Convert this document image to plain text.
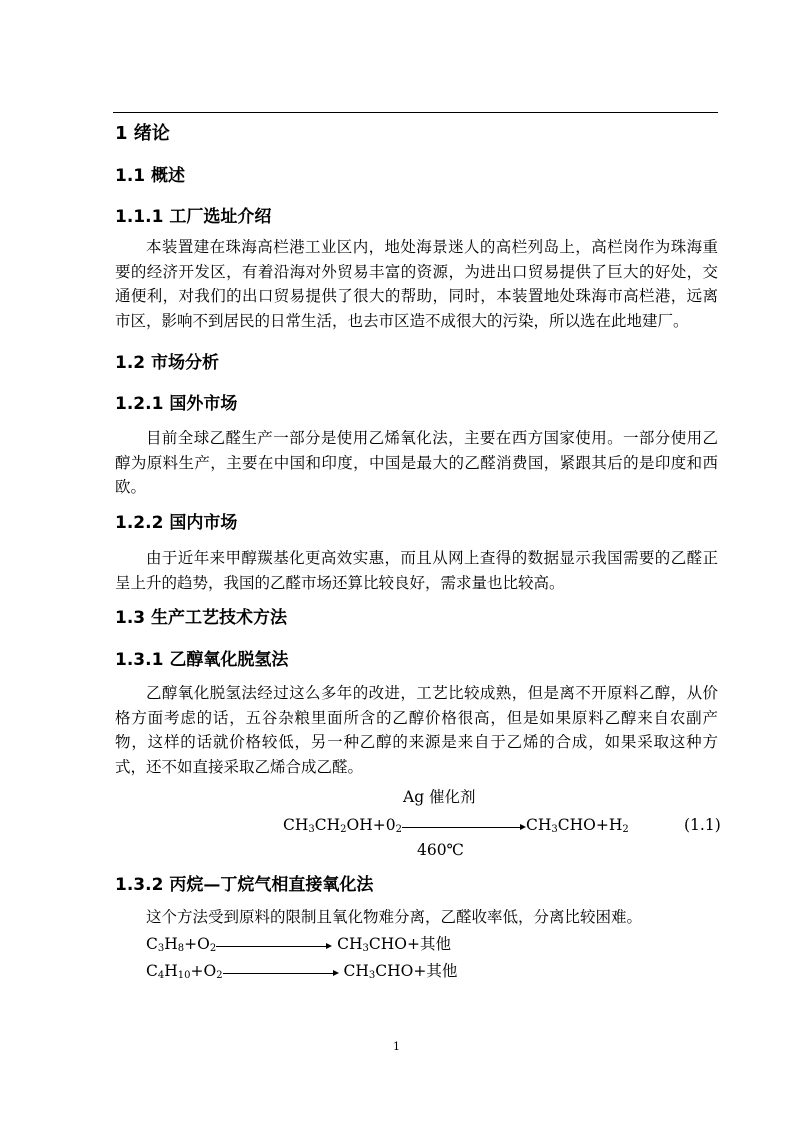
1 绪论
1.1 概述
1.1.1 工厂选址介绍
本装置建在珠海高栏港工业区内，地处海景迷人的高栏列岛上，高栏岗作为珠海重要的经济开发区，有着沿海对外贸易丰富的资源，为进出口贸易提供了巨大的好处，交通便利，对我们的出口贸易提供了很大的帮助，同时，本装置地处珠海市高栏港，远离市区，影响不到居民的日常生活，也去市区造不成很大的污染，所以选在此地建厂。
1.2 市场分析
1.2.1 国外市场
目前全球乙醛生产一部分是使用乙烯氧化法，主要在西方国家使用。一部分使用乙醇为原料生产，主要在中国和印度，中国是最大的乙醛消费国，紧跟其后的是印度和西欧。
1.2.2 国内市场
由于近年来甲醇羰基化更高效实惠，而且从网上查得的数据显示我国需要的乙醛正呈上升的趋势，我国的乙醛市场还算比较良好，需求量也比较高。
1.3 生产工艺技术方法
1.3.1 乙醇氧化脱氢法
乙醇氧化脱氢法经过这么多年的改进，工艺比较成熟，但是离不开原料乙醇，从价格方面考虑的话，五谷杂粮里面所含的乙醇价格很高，但是如果原料乙醇来自农副产物，这样的话就价格较低，另一种乙醇的来源是来自于乙烯的合成，如果采取这种方式，还不如直接采取乙烯合成乙醛。
Ag 催化剂
$CH_3CH_2OH+0_2$	$CH_3CHO+H_2$	(1.1)
460℃
1.3.2 丙烷—丁烷气相直接氧化法
这个方法受到原料的限制且氧化物难分离，乙醛收率低，分离比较困难。
$C_3H_8+O_2$	$CH_3CHO+$其他
$C_4H_{10}+O_2$	$CH_3CHO+$其他
1
